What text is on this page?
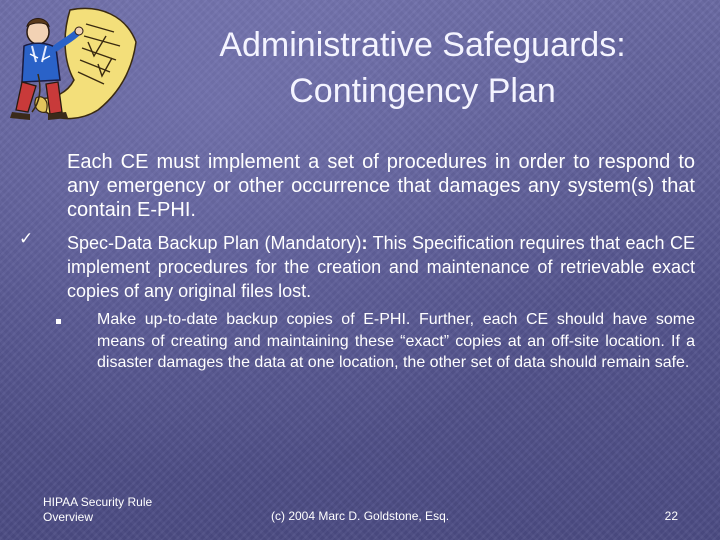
Administrative Safeguards:
Contingency Plan

Each CE must implement a set of procedures in order to respond to any emergency or other occurrence that damages any system(s) that contain E-PHI.

✓ Spec-Data Backup Plan (Mandatory): This Specification requires that each CE implement procedures for the creation and maintenance of retrievable exact copies of any original files lost.

Make up-to-date backup copies of E-PHI. Further, each CE should have some means of creating and maintaining these “exact” copies at an off-site location. If a disaster damages the data at one location, the other set of data should remain safe.

HIPAA Security Rule
Overview	(c) 2004 Marc D. Goldstone, Esq.	22
